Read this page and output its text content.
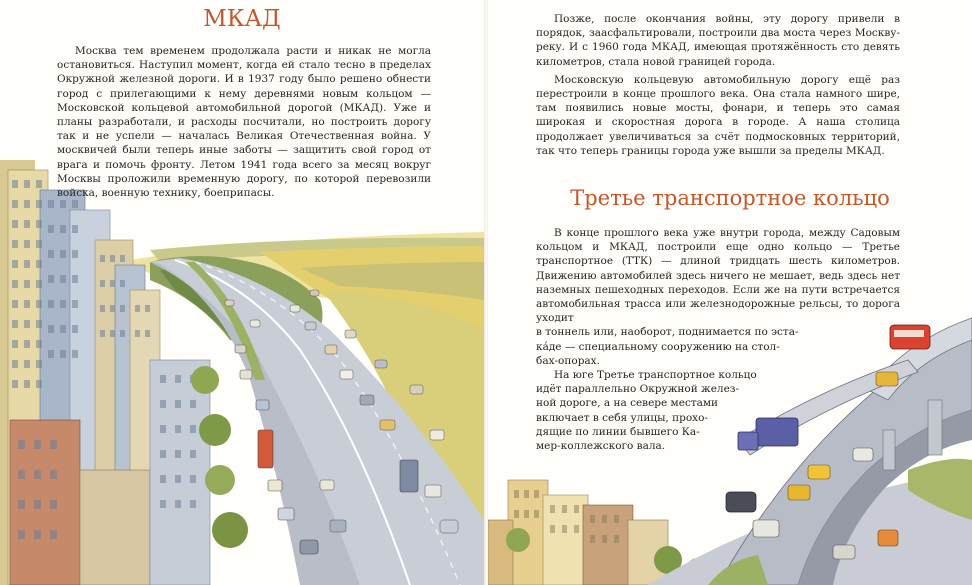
МКАД

Москва тем временем продолжала расти и никак не могла остановиться. Наступил момент, когда ей стало тесно в пределах Окружной железной дороги. И в 1937 году было решено обнести город с прилегающими к нему деревнями новым кольцом — Московской кольцевой автомобильной дорогой (МКАД). Уже и планы разработали, и расходы посчитали, но построить дорогу так и не успели — началась Великая Отечественная война. У москвичей были теперь иные заботы — защитить свой город от врага и помочь фронту. Летом 1941 года всего за месяц вокруг Москвы проложили временную дорогу, по которой перевозили войска, военную технику, боеприпасы.

Позже, после окончания войны, эту дорогу привели в порядок, заасфальтировали, построили два моста через Москву-реку. И с 1960 года МКАД, имеющая протяжённость сто девять километров, стала новой границей города.

Московскую кольцевую автомобильную дорогу ещё раз перестроили в конце прошлого века. Она стала намного шире, там появились новые мосты, фонари, и теперь это самая широкая и скоростная дорога в городе. А наша столица продолжает увеличиваться за счёт подмосковных территорий, так что теперь границы города уже вышли за пределы МКАД.

Третье транспортное кольцо

В конце прошлого века уже внутри города, между Садовым кольцом и МКАД, построили еще одно кольцо — Третье транспортное (ТТК) — длиной тридцать шесть километров. Движению автомобилей здесь ничего не мешает, ведь здесь нет наземных пешеходных переходов. Если же на пути встречается автомобильная трасса или железнодорожные рельсы, то дорога уходит

в тоннель или, наоборот, поднимается по эста-
ка́де — специальному сооружению на стол-
бах-опорах.
На юге Третье транспортное кольцо
идёт параллельно Окружной желез-
ной дороге, а на севере местами
включает в себя улицы, прохо-
дящие по линии бывшего Ка-
мер-коллежского вала.
